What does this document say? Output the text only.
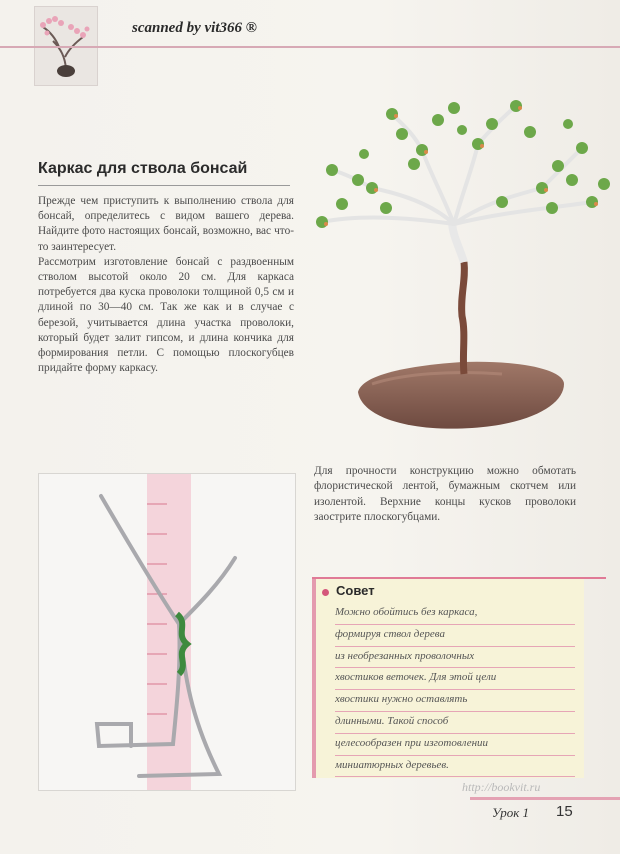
scanned by vit366 ®
Каркас для ствола бонсай

Прежде чем приступить к выполнению ствола для бонсай, определитесь с видом вашего дерева. Найдите фото настоящих бонсай, возможно, вас что-то заинтересует.

Рассмотрим изготовление бонсай с раздвоенным стволом высотой около 20 см. Для каркаса потребуется два куска проволоки толщиной 0,5 см и длиной по 30—40 см. Так же как и в случае с березой, учитывается длина участка проволоки, который будет залит гипсом, и длина кончика для формирования петли. С помощью плоскогубцев придайте форму каркасу.

Для прочности конструкцию можно обмотать флористической лентой, бумажным скотчем или изолентой. Верхние концы кусков проволоки заострите плоскогубцами.
Совет
Можно обойтись без каркаса,
формируя ствол дерева
из необрезанных проволочных
хвостиков веточек. Для этой цели
хвостики нужно оставлять
длинными. Такой способ
целесообразен при изготовлении
миниатюрных деревьев.
http://bookvit.ru
Урок 1 15
